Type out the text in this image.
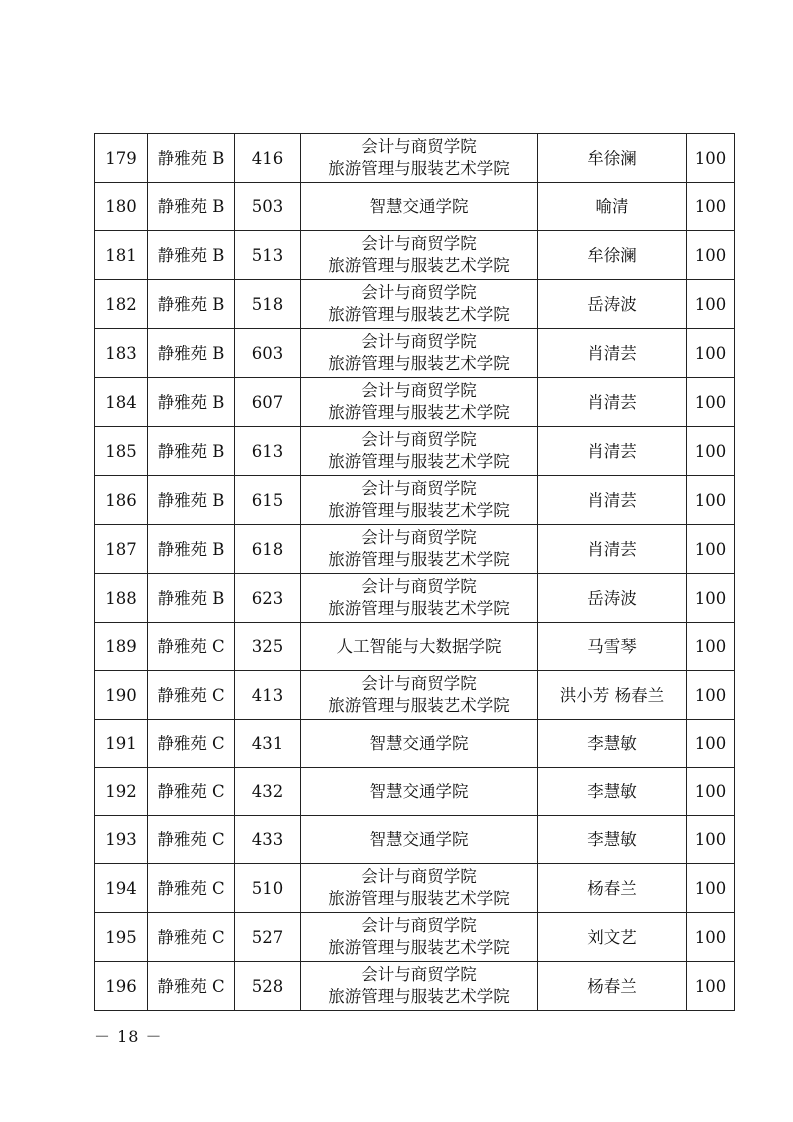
179	静雅苑 B	416	会计与商贸学院
旅游管理与服装艺术学院	牟徐澜	100
180	静雅苑 B	503	智慧交通学院	喻清	100
181	静雅苑 B	513	会计与商贸学院
旅游管理与服装艺术学院	牟徐澜	100
182	静雅苑 B	518	会计与商贸学院
旅游管理与服装艺术学院	岳涛波	100
183	静雅苑 B	603	会计与商贸学院
旅游管理与服装艺术学院	肖清芸	100
184	静雅苑 B	607	会计与商贸学院
旅游管理与服装艺术学院	肖清芸	100
185	静雅苑 B	613	会计与商贸学院
旅游管理与服装艺术学院	肖清芸	100
186	静雅苑 B	615	会计与商贸学院
旅游管理与服装艺术学院	肖清芸	100
187	静雅苑 B	618	会计与商贸学院
旅游管理与服装艺术学院	肖清芸	100
188	静雅苑 B	623	会计与商贸学院
旅游管理与服装艺术学院	岳涛波	100
189	静雅苑 C	325	人工智能与大数据学院	马雪琴	100
190	静雅苑 C	413	会计与商贸学院
旅游管理与服装艺术学院	洪小芳 杨春兰	100
191	静雅苑 C	431	智慧交通学院	李慧敏	100
192	静雅苑 C	432	智慧交通学院	李慧敏	100
193	静雅苑 C	433	智慧交通学院	李慧敏	100
194	静雅苑 C	510	会计与商贸学院
旅游管理与服装艺术学院	杨春兰	100
195	静雅苑 C	527	会计与商贸学院
旅游管理与服装艺术学院	刘文艺	100
196	静雅苑 C	528	会计与商贸学院
旅游管理与服装艺术学院	杨春兰	100
－ 18 －
